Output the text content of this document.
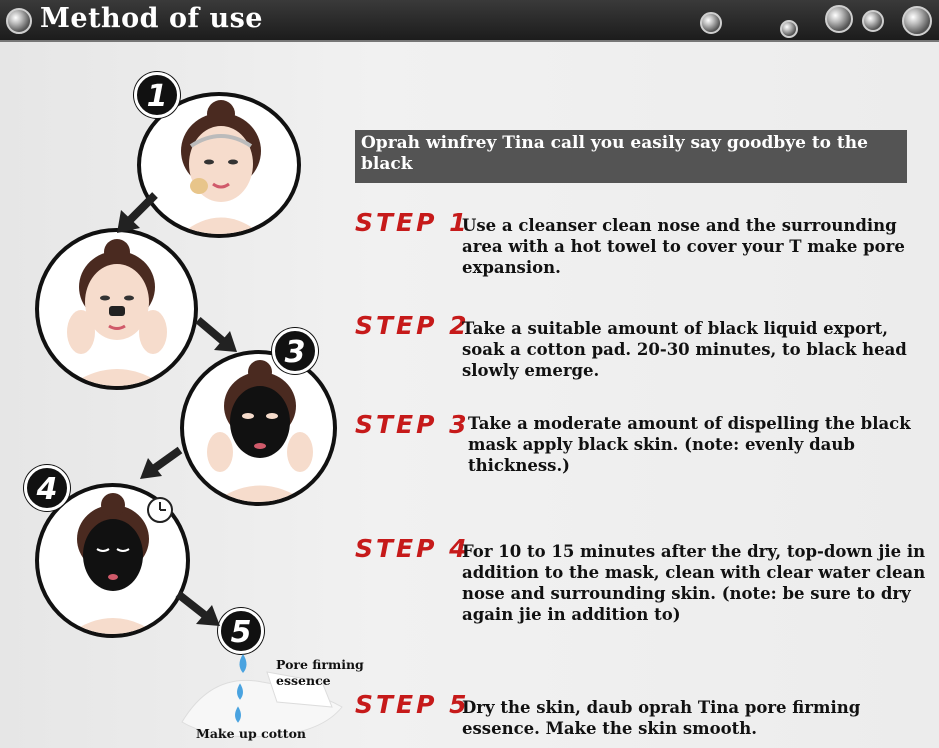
Method of use
1
3
4
5
Pore firming essence
Make up cotton
Oprah winfrey Tina call you easily say goodbye to the black
STEP 1
Use a cleanser clean nose and the surrounding area with a hot towel to cover your T make pore expansion.
STEP 2
Take a suitable amount of black liquid export, soak a cotton pad. 20-30 minutes, to black head slowly emerge.
STEP 3
Take a moderate amount of dispelling the black mask apply black skin. (note: evenly daub thickness.)
STEP 4
For 10 to 15 minutes after the dry, top-down jie in addition to the mask, clean with clear water clean nose and surrounding skin. (note: be sure to dry again jie in addition to)
STEP 5
Dry the skin, daub oprah Tina pore firming essence. Make the skin smooth.
